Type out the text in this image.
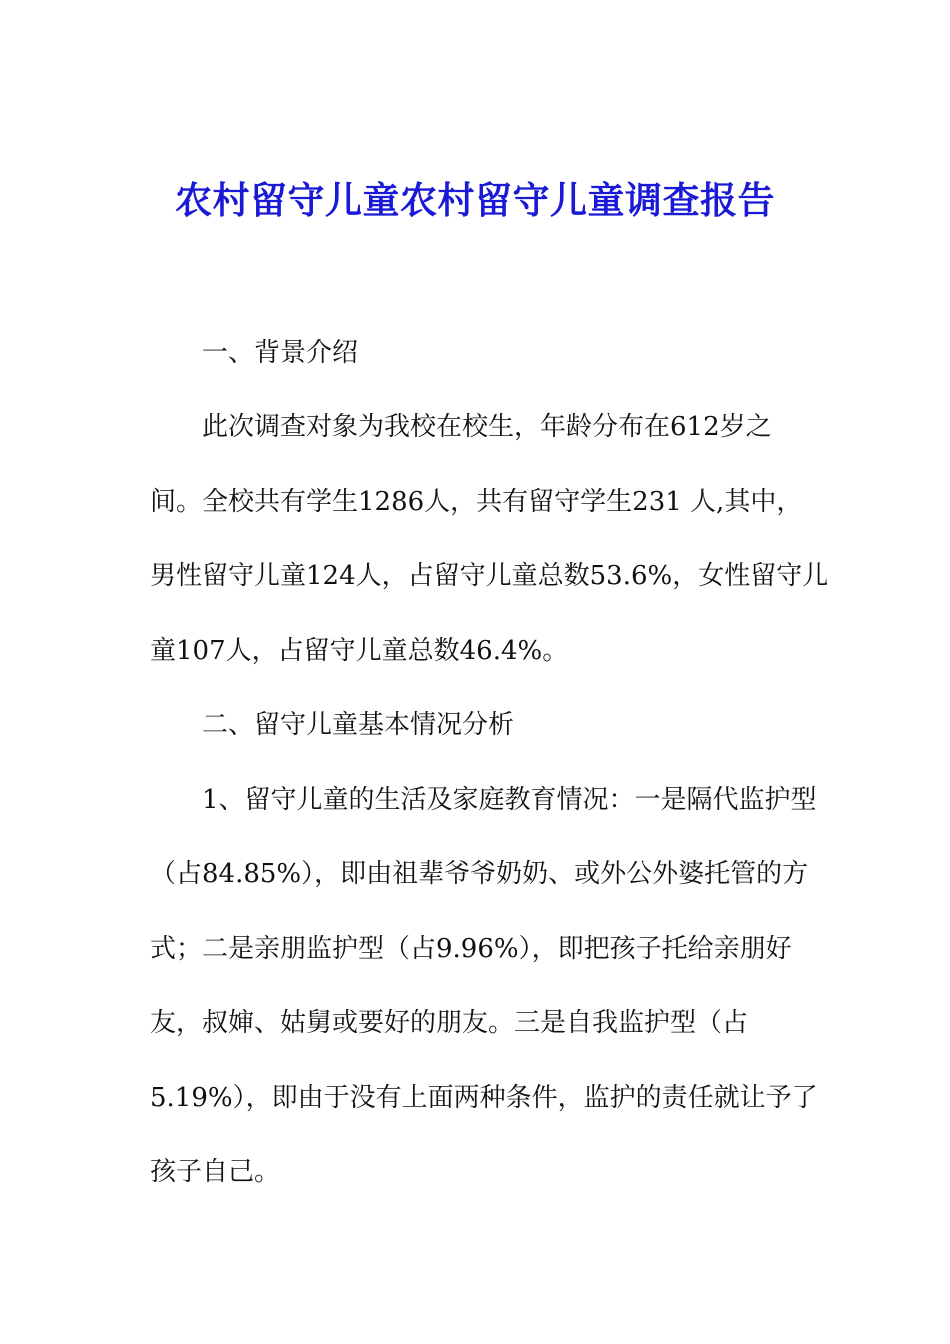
农村留守儿童农村留守儿童调查报告
一、背景介绍
此次调查对象为我校在校生，年龄分布在612岁之
间。全校共有学生1286人，共有留守学生231 人,其中，
男性留守儿童124人，占留守儿童总数53.6%，女性留守儿
童107人，占留守儿童总数46.4%。
二、留守儿童基本情况分析
1、留守儿童的生活及家庭教育情况：一是隔代监护型
（占84.85%），即由祖辈爷爷奶奶、或外公外婆托管的方
式；二是亲朋监护型（占9.96%），即把孩子托给亲朋好
友，叔婶、姑舅或要好的朋友。三是自我监护型（占
5.19%），即由于没有上面两种条件，监护的责任就让予了
孩子自己。
